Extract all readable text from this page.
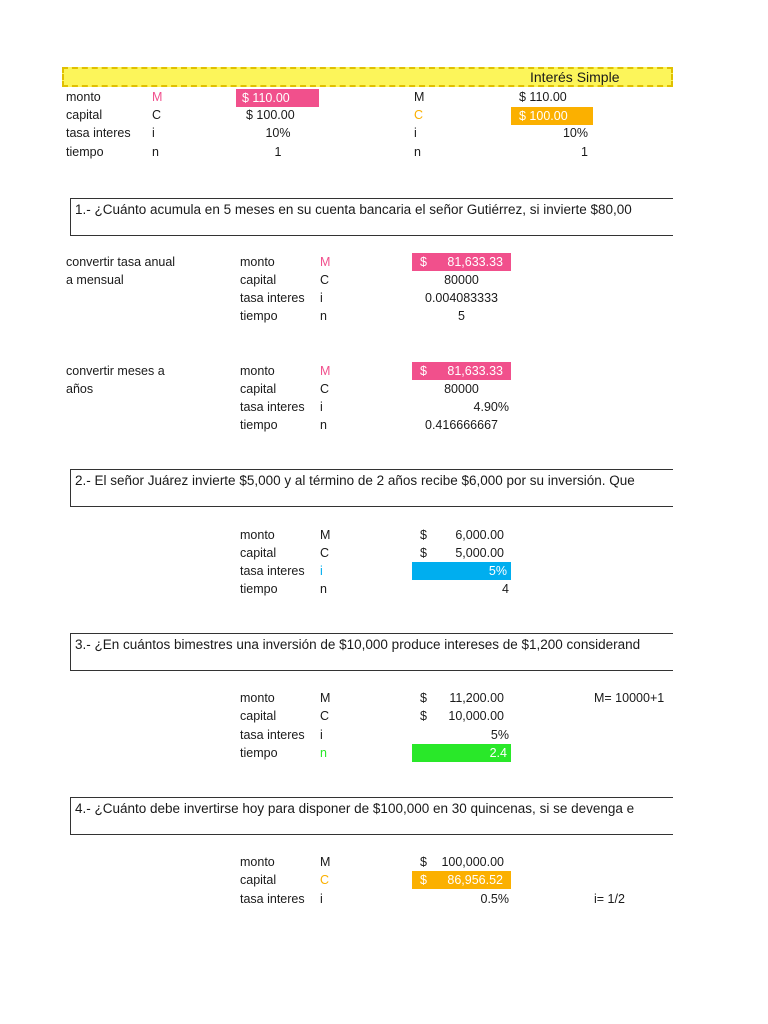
Interés Simple
monto	M	$ 110.00
capital	C	$ 100.00
tasa interes i	10%
tiempo	n	1
M	$ 110.00
C	$ 100.00
i	10%
n	1
1.- ¿Cuánto acumula en 5 meses en su cuenta bancaria el señor Gutiérrez, si invierte $80,00
convertir tasa anual
a mensual
monto	M	$ 81,633.33
capital	C	80000
tasa interes i	0.004083333
tiempo	n	5
convertir meses a
años
monto	M	$ 81,633.33
capital	C	80000
tasa interes i	4.90%
tiempo	n	0.416666667
2.- El señor Juárez invierte $5,000 y al término de 2 años recibe $6,000 por su inversión. Que
monto	M	$	6,000.00
capital	C	$	5,000.00
tasa interes i	5%
tiempo	n	4
3.- ¿En cuántos bimestres una inversión de $10,000 produce intereses de $1,200 considerand
monto	M	$	11,200.00	M= 10000+1
capital	C	$	10,000.00
tasa interes i	5%
tiempo	n	2.4
4.- ¿Cuánto debe invertirse hoy para disponer de $100,000 en 30 quincenas, si se devenga e
monto	M	$	100,000.00
capital	C	$ 86,956.52
tasa interes i	0.5%	i= 1/2
